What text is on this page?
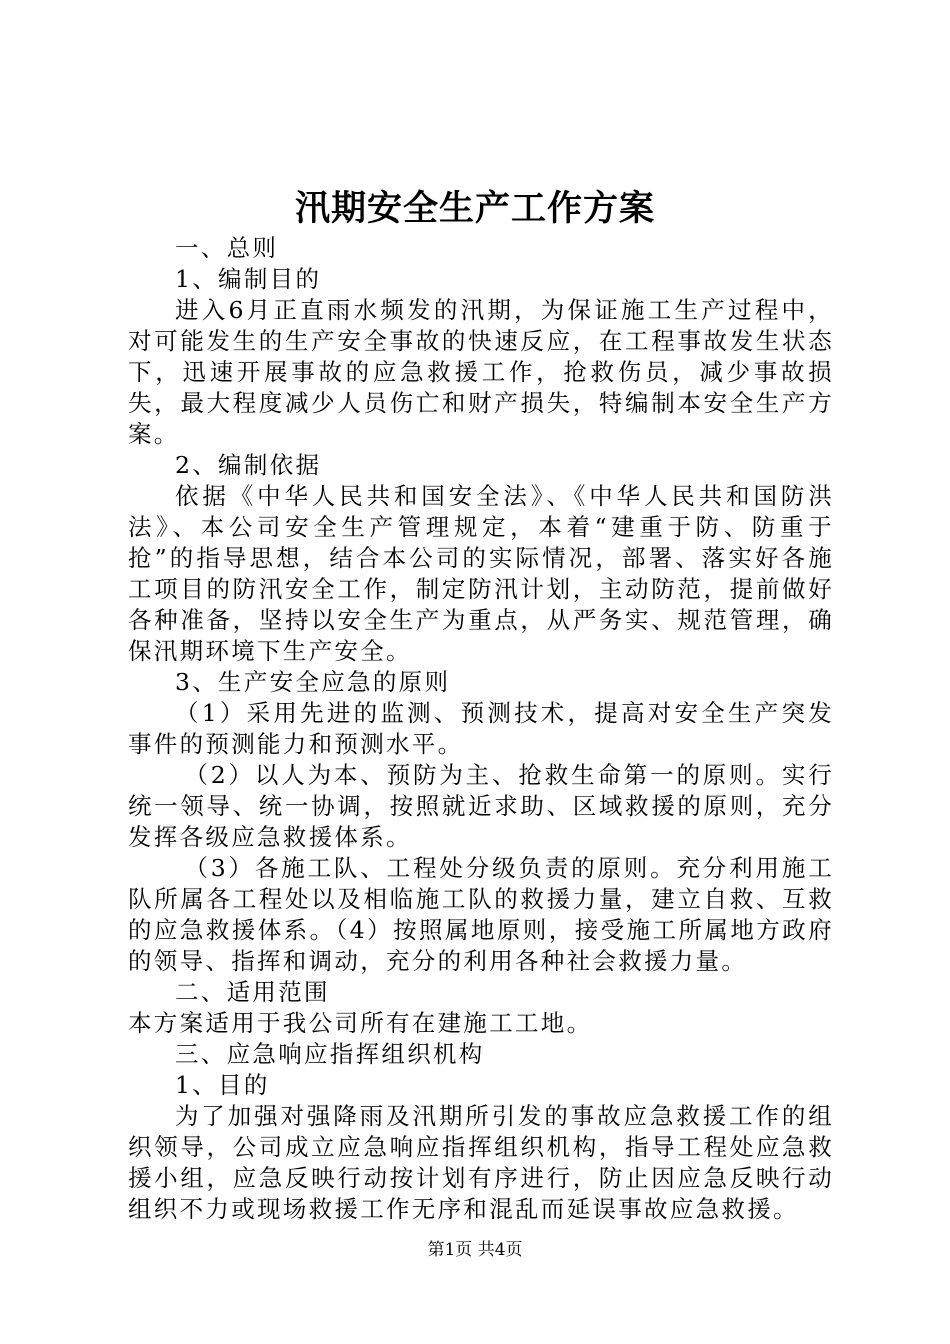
汛期安全生产工作方案

一、总则

1、编制目的

进入6月正直雨水频发的汛期，为保证施工生产过程中，对可能发生的生产安全事故的快速反应，在工程事故发生状态下，迅速开展事故的应急救援工作，抢救伤员，减少事故损失，最大程度减少人员伤亡和财产损失，特编制本安全生产方案。

2、编制依据

依据《中华人民共和国安全法》、《中华人民共和国防洪法》、本公司安全生产管理规定，本着“建重于防、防重于抢”的指导思想，结合本公司的实际情况，部署、落实好各施工项目的防汛安全工作，制定防汛计划，主动防范，提前做好各种准备，坚持以安全生产为重点，从严务实、规范管理，确保汛期环境下生产安全。

3、生产安全应急的原则

（1）采用先进的监测、预测技术，提高对安全生产突发事件的预测能力和预测水平。

（2）以人为本、预防为主、抢救生命第一的原则。实行统一领导、统一协调，按照就近求助、区域救援的原则，充分发挥各级应急救援体系。

（3）各施工队、工程处分级负责的原则。充分利用施工队所属各工程处以及相临施工队的救援力量，建立自救、互救的应急救援体系。（4）按照属地原则，接受施工所属地方政府的领导、指挥和调动，充分的利用各种社会救援力量。

二、适用范围

本方案适用于我公司所有在建施工工地。

三、应急响应指挥组织机构

1、目的

为了加强对强降雨及汛期所引发的事故应急救援工作的组织领导，公司成立应急响应指挥组织机构，指导工程处应急救援小组，应急反映行动按计划有序进行，防止因应急反映行动组织不力或现场救援工作无序和混乱而延误事故应急救援。

第1页 共4页
